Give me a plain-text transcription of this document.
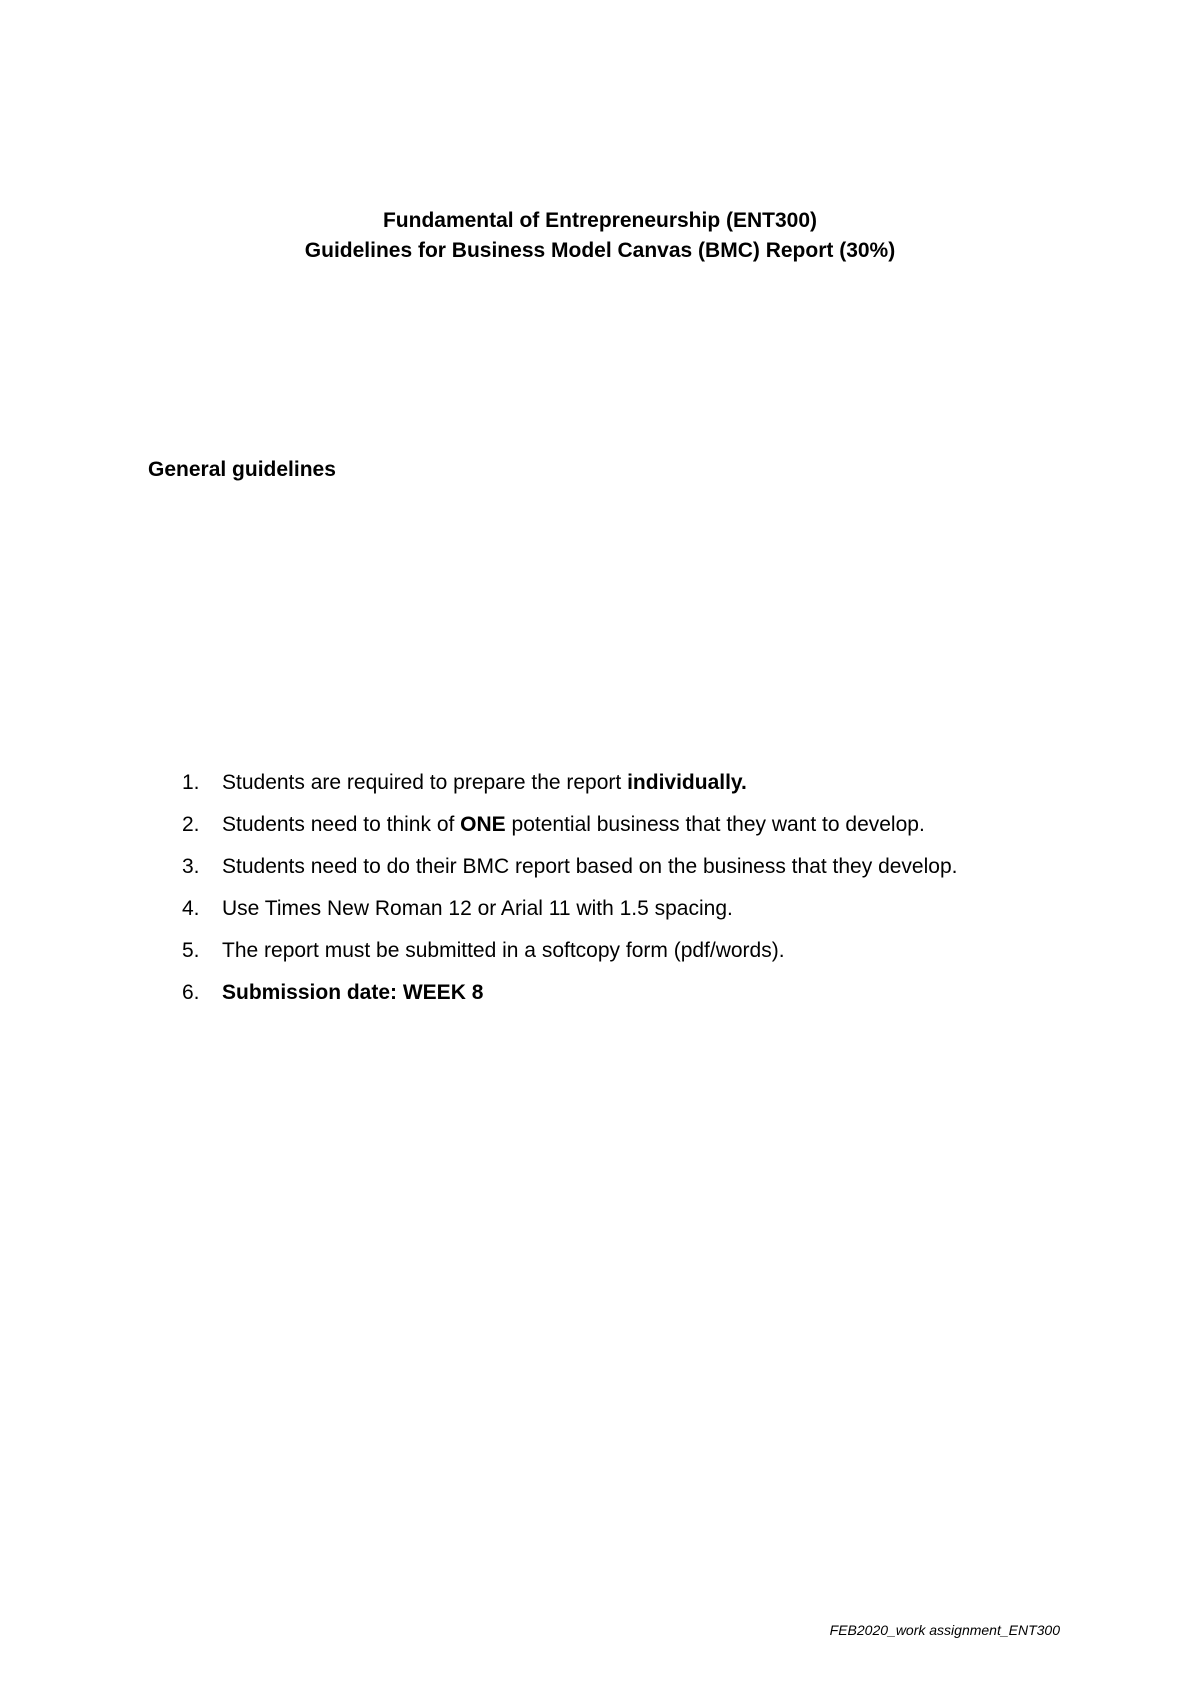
Fundamental of Entrepreneurship (ENT300)
Guidelines for Business Model Canvas (BMC) Report (30%)
General guidelines
1.	Students are required to prepare the report individually.
2.	Students need to think of ONE potential business that they want to develop.
3.	Students need to do their BMC report based on the business that they develop.
4.	Use Times New Roman 12 or Arial 11 with 1.5 spacing.
5.	The report must be submitted in a softcopy form (pdf/words).
6.	Submission date: WEEK 8
FEB2020_work assignment_ENT300
